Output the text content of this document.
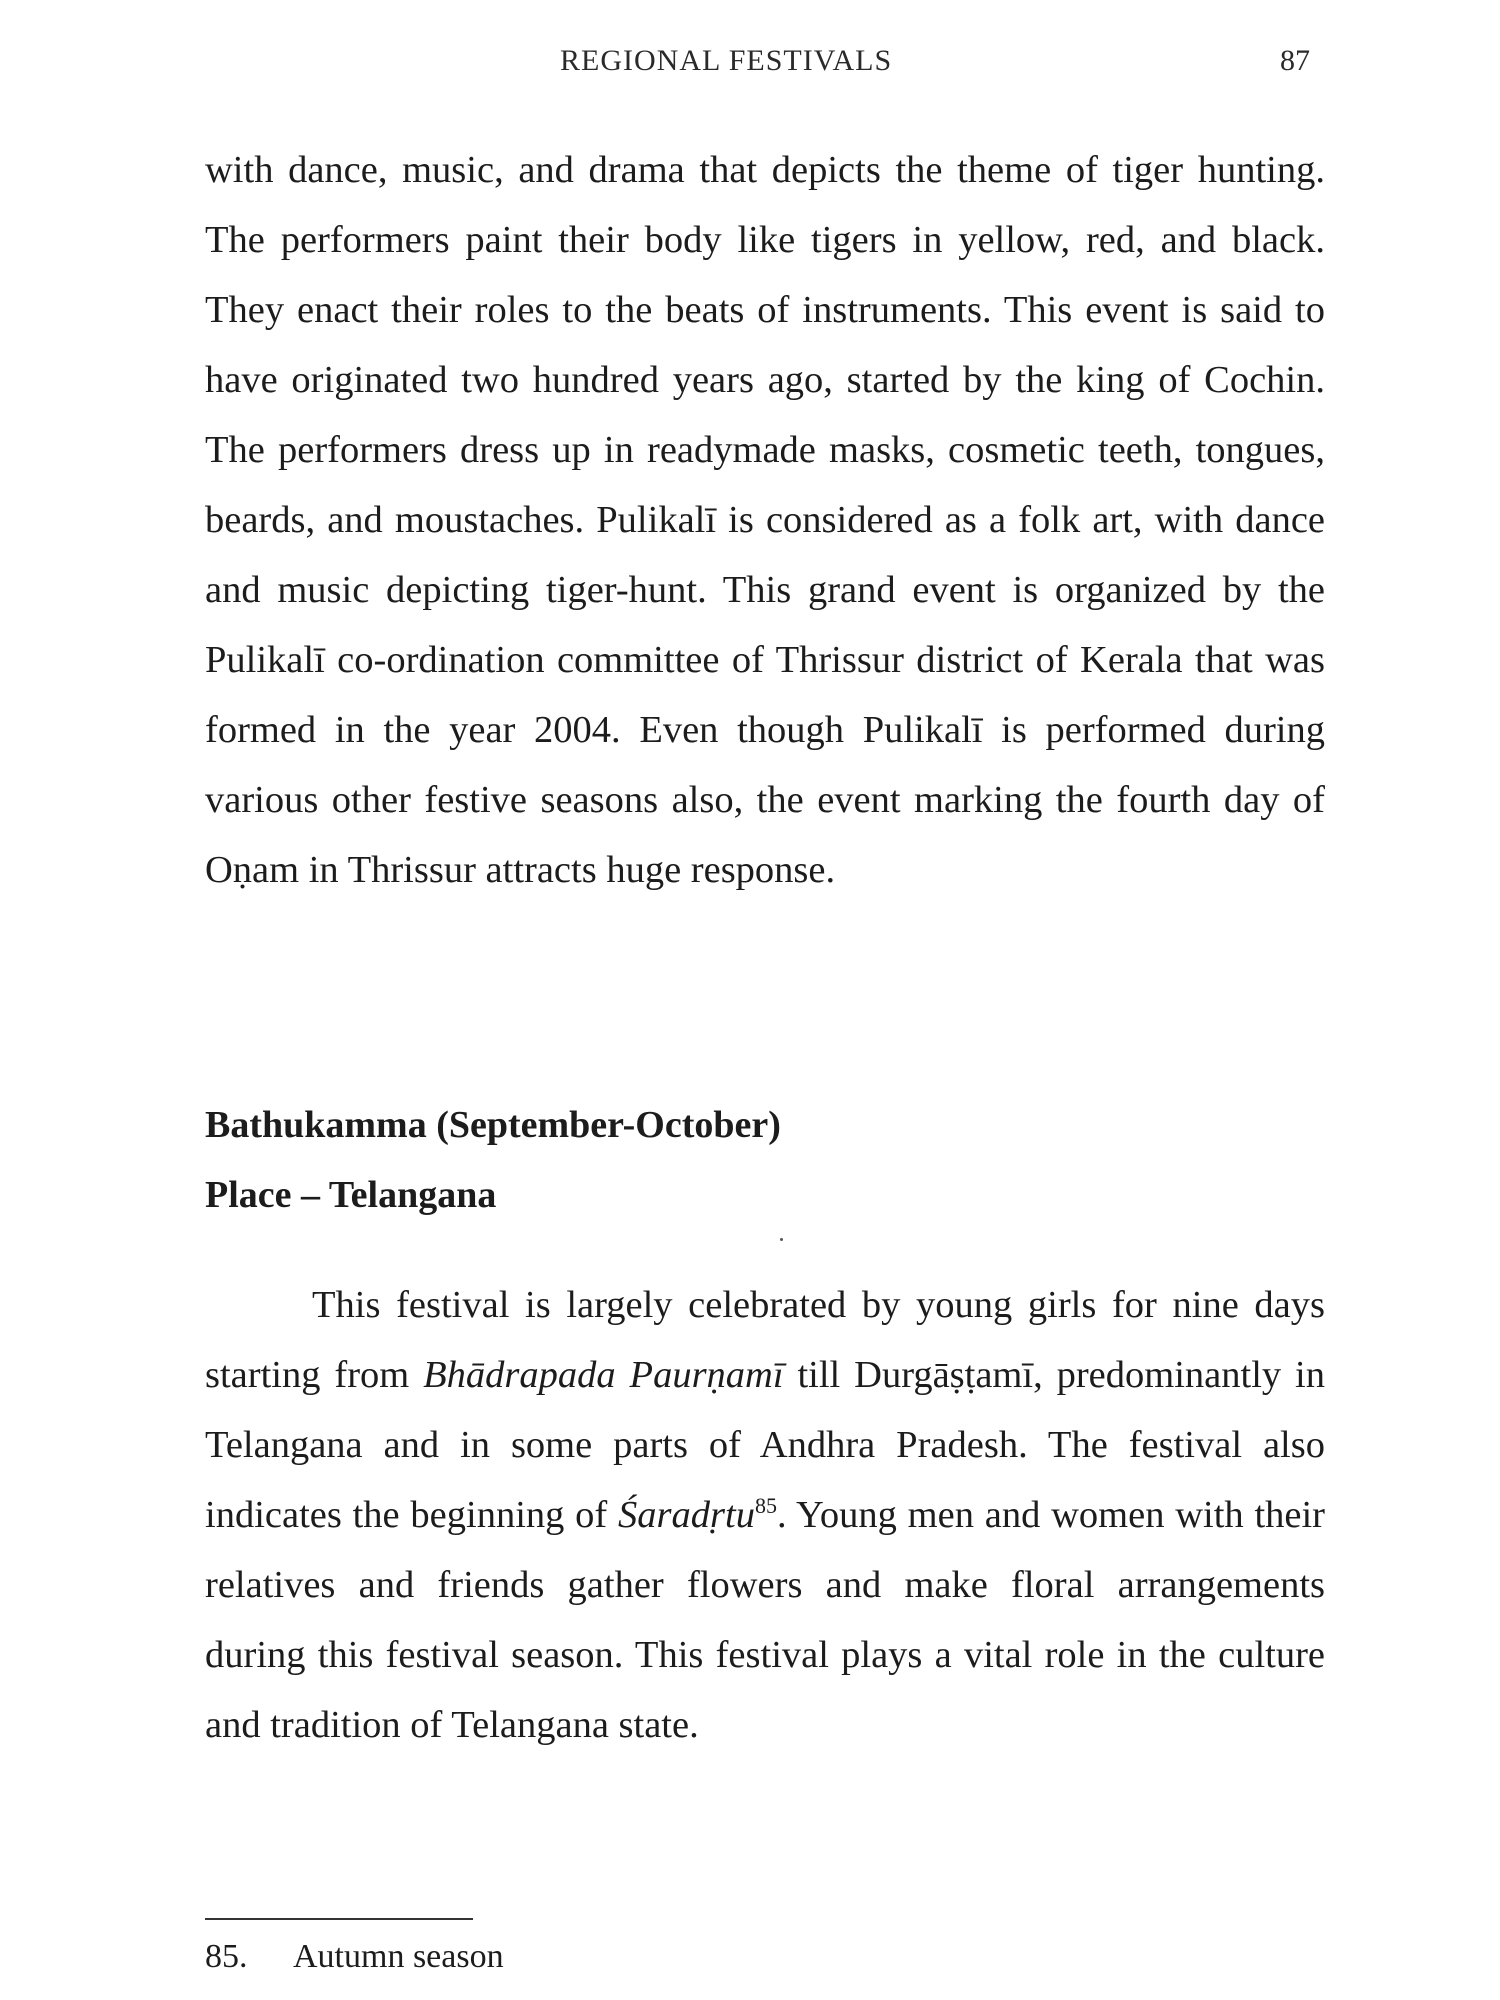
REGIONAL FESTIVALS	87

with dance, music, and drama that depicts the theme of tiger hunting. The performers paint their body like tigers in yellow, red, and black. They enact their roles to the beats of instruments. This event is said to have originated two hundred years ago, started by the king of Cochin. The performers dress up in readymade masks, cosmetic teeth, tongues, beards, and moustaches. Pulikalī is considered as a folk art, with dance and music depicting tiger-hunt. This grand event is organized by the Pulikalī co-ordination committee of Thrissur district of Kerala that was formed in the year 2004. Even though Pulikalī is performed during various other festive seasons also, the event marking the fourth day of Oṇam in Thrissur attracts huge response.

Bathukamma (September-October)
Place – Telangana

This festival is largely celebrated by young girls for nine days starting from Bhādrapada Paurṇamī till Durgāṣṭamī, predominantly in Telangana and in some parts of Andhra Pradesh. The festival also indicates the beginning of Śaradṛtu$^{85}$. Young men and women with their relatives and friends gather flowers and make floral arrangements during this festival season. This festival plays a vital role in the culture and tradition of Telangana state.

85. Autumn season
